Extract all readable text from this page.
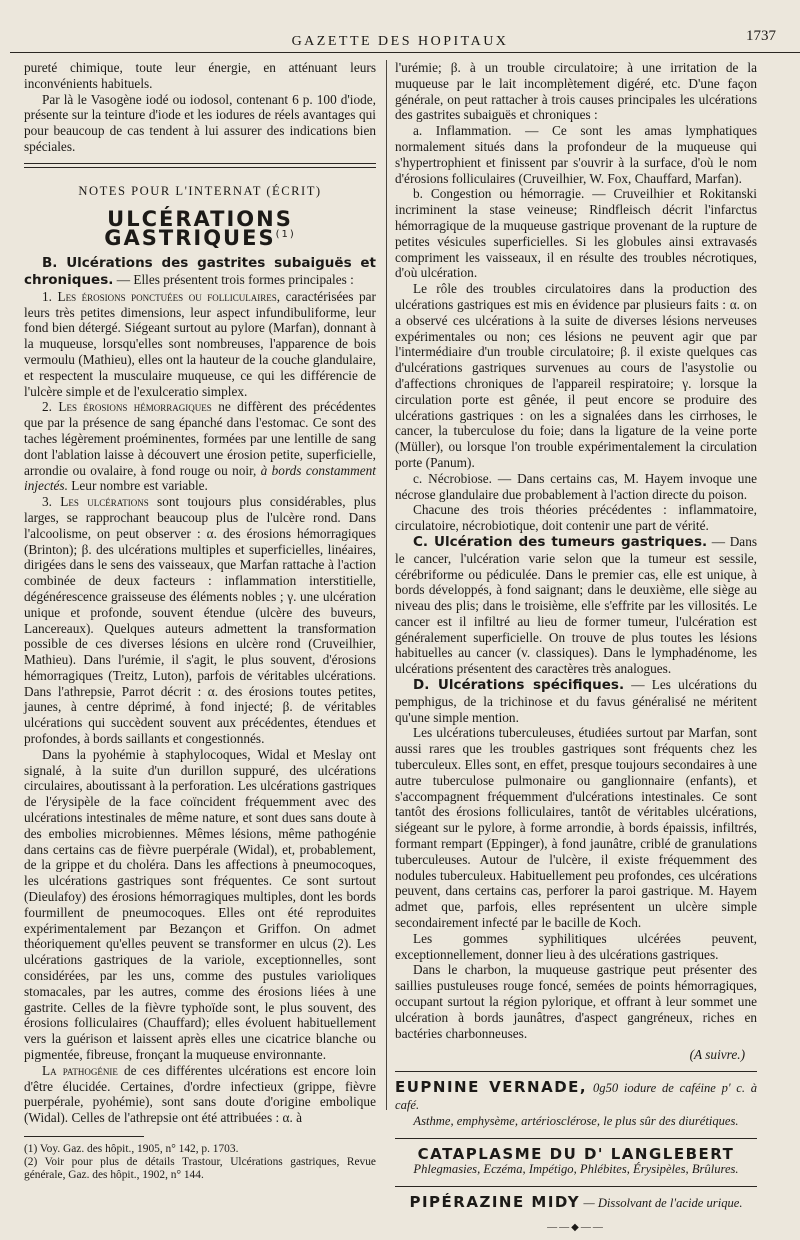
GAZETTE DES HOPITAUX	1737

pureté chimique, toute leur énergie, en atténuant leurs inconvénients habituels.

Par là le Vasogène iodé ou iodosol, contenant 6 p. 100 d'iode, présente sur la teinture d'iode et les iodures de réels avantages qui pour beaucoup de cas tendent à lui assurer des indications bien spéciales.

NOTES POUR L'INTERNAT (ÉCRIT)
ULCÉRATIONS GASTRIQUES$^{(1)}$

B. Ulcérations des gastrites subaiguës et chroniques. — Elles présentent trois formes principales :

1. Les érosions ponctuées ou folliculaires, caractérisées par leurs très petites dimensions, leur aspect infundibuliforme, leur fond bien détergé. Siégeant surtout au pylore (Marfan), donnant à la muqueuse, lorsqu'elles sont nombreuses, l'apparence de bois vermoulu (Mathieu), elles ont la hauteur de la couche glandulaire, et respectent la musculaire muqueuse, ce qui les différencie de l'ulcère simple et de l'exulceratio simplex.

2. Les érosions hémorragiques ne diffèrent des précédentes que par la présence de sang épanché dans l'estomac. Ce sont des taches légèrement proéminentes, formées par une lentille de sang dont l'ablation laisse à découvert une érosion petite, superficielle, arrondie ou ovalaire, à fond rouge ou noir, à bords constamment injectés. Leur nombre est variable.

3. Les ulcérations sont toujours plus considérables, plus larges, se rapprochant beaucoup plus de l'ulcère rond. Dans l'alcoolisme, on peut observer : α. des érosions hémorragiques (Brinton); β. des ulcérations multiples et superficielles, linéaires, dirigées dans le sens des vaisseaux, que Marfan rattache à l'action combinée de deux facteurs : inflammation interstitielle, dégénérescence graisseuse des éléments nobles ; γ. une ulcération unique et profonde, souvent étendue (ulcère des buveurs, Lancereaux). Quelques auteurs admettent la transformation possible de ces diverses lésions en ulcère rond (Cruveilhier, Mathieu). Dans l'urémie, il s'agit, le plus souvent, d'érosions hémorragiques (Treitz, Luton), parfois de véritables ulcérations. Dans l'athrepsie, Parrot décrit : α. des érosions toutes petites, jaunes, à centre déprimé, à fond injecté; β. de véritables ulcérations qui succèdent souvent aux précédentes, étendues et profondes, à bords saillants et congestionnés.

Dans la pyohémie à staphylocoques, Widal et Meslay ont signalé, à la suite d'un durillon suppuré, des ulcérations circulaires, aboutissant à la perforation. Les ulcérations gastriques de l'érysipèle de la face coïncident fréquemment avec des ulcérations intestinales de même nature, et sont dues sans doute à des embolies microbiennes. Mêmes lésions, même pathogénie dans certains cas de fièvre puerpérale (Widal), et, probablement, de la grippe et du choléra. Dans les affections à pneumocoques, les ulcérations gastriques sont fréquentes. Ce sont surtout (Dieulafoy) des érosions hémorragiques multiples, dont les bords fourmillent de pneumocoques. Elles ont été reproduites expérimentalement par Bezançon et Griffon. On admet théoriquement qu'elles peuvent se transformer en ulcus (2). Les ulcérations gastriques de la variole, exceptionnelles, sont considérées, par les uns, comme des pustules varioliques stomacales, par les autres, comme des érosions liées à une gastrite. Celles de la fièvre typhoïde sont, le plus souvent, des érosions folliculaires (Chauffard); elles évoluent habituellement vers la guérison et laissent après elles une cicatrice blanche ou pigmentée, fibreuse, fronçant la muqueuse environnante.

La pathogénie de ces différentes ulcérations est encore loin d'être élucidée. Certaines, d'ordre infectieux (grippe, fièvre puerpérale, pyohémie), sont sans doute d'origine embolique (Widal). Celles de l'athrepsie ont été attribuées : α. à

(1) Voy. Gaz. des hôpit., 1905, n° 142, p. 1703.

(2) Voir pour plus de détails Trastour, Ulcérations gastriques, Revue générale, Gaz. des hôpit., 1902, n° 144.

l'urémie; β. à un trouble circulatoire; à une irritation de la muqueuse par le lait incomplètement digéré, etc. D'une façon générale, on peut rattacher à trois causes principales les ulcérations des gastrites subaiguës et chroniques :

a. Inflammation. — Ce sont les amas lymphatiques normalement situés dans la profondeur de la muqueuse qui s'hypertrophient et finissent par s'ouvrir à la surface, d'où le nom d'érosions folliculaires (Cruveilhier, W. Fox, Chauffard, Marfan).

b. Congestion ou hémorragie. — Cruveilhier et Rokitanski incriminent la stase veineuse; Rindfleisch décrit l'infarctus hémorragique de la muqueuse gastrique provenant de la rupture de petites vésicules superficielles. Si les globules ainsi extravasés compriment les vaisseaux, il en résulte des troubles nécrotiques, d'où ulcération.

Le rôle des troubles circulatoires dans la production des ulcérations gastriques est mis en évidence par plusieurs faits : α. on a observé ces ulcérations à la suite de diverses lésions nerveuses expérimentales ou non; ces lésions ne peuvent agir que par l'intermédiaire d'un trouble circulatoire; β. il existe quelques cas d'ulcérations gastriques survenues au cours de l'asystolie ou d'affections chroniques de l'appareil respiratoire; γ. lorsque la circulation porte est gênée, il peut encore se produire des ulcérations gastriques : on les a signalées dans les cirrhoses, le cancer, la tuberculose du foie; dans la ligature de la veine porte (Müller), ou lorsque l'on trouble expérimentalement la circulation porte (Panum).

c. Nécrobiose. — Dans certains cas, M. Hayem invoque une nécrose glandulaire due probablement à l'action directe du poison.

Chacune des trois théories précédentes : inflammatoire, circulatoire, nécrobiotique, doit contenir une part de vérité.

C. Ulcération des tumeurs gastriques. — Dans le cancer, l'ulcération varie selon que la tumeur est sessile, cérébriforme ou pédiculée. Dans le premier cas, elle est unique, à bords développés, à fond saignant; dans le deuxième, elle siège au niveau des plis; dans le troisième, elle s'effrite par les villosités. Le cancer est il infiltré au lieu de former tumeur, l'ulcération est généralement superficielle. On trouve de plus toutes les lésions habituelles au cancer (v. classiques). Dans le lymphadénome, les ulcérations présentent des caractères très analogues.

D. Ulcérations spécifiques. — Les ulcérations du pemphigus, de la trichinose et du favus généralisé ne méritent qu'une simple mention.

Les ulcérations tuberculeuses, étudiées surtout par Marfan, sont aussi rares que les troubles gastriques sont fréquents chez les tuberculeux. Elles sont, en effet, presque toujours secondaires à une autre tuberculose pulmonaire ou ganglionnaire (enfants), et s'accompagnent fréquemment d'ulcérations intestinales. Ce sont tantôt des érosions folliculaires, tantôt de véritables ulcérations, siégeant sur le pylore, à forme arrondie, à bords épaissis, infiltrés, formant rempart (Eppinger), à fond jaunâtre, criblé de granulations tuberculeuses. Autour de l'ulcère, il existe fréquemment des nodules tuberculeux. Habituellement peu profondes, ces ulcérations peuvent, dans certains cas, perforer la paroi gastrique. M. Hayem admet que, parfois, elles représentent un ulcère simple secondairement infecté par le bacille de Koch.

Les gommes syphilitiques ulcérées peuvent, exceptionnellement, donner lieu à des ulcérations gastriques.

Dans le charbon, la muqueuse gastrique peut présenter des saillies pustuleuses rouge foncé, semées de points hémorragiques, occupant surtout la région pylorique, et offrant à leur sommet une ulcération à bords jaunâtres, d'aspect gangréneux, riches en bactéries charbonneuses.

(A suivre.)
EUPNINE VERNADE, 0g50 iodure de caféine p' c. à café.
Asthme, emphysème, artériosclérose, le plus sûr des diurétiques.
CATAPLASME DU D' LANGLEBERT
Phlegmasies, Eczéma, Impétigo, Phlébites, Érysipèles, Brûlures.
PIPÉRAZINE MIDY — Dissolvant de l'acide urique.
——◆——
